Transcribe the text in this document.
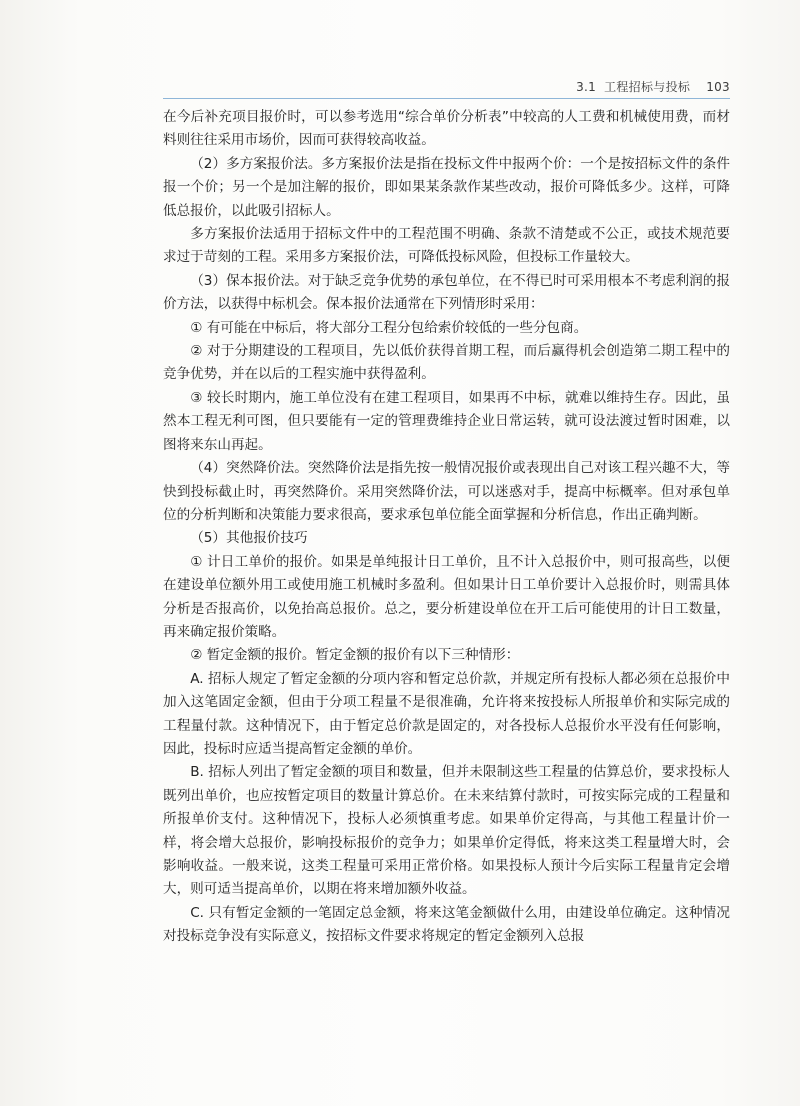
3.1 工程招标与投标 103

在今后补充项目报价时，可以参考选用“综合单价分析表”中较高的人工费和机械使用费，而材料则往往采用市场价，因而可获得较高收益。

（2）多方案报价法。多方案报价法是指在投标文件中报两个价：一个是按招标文件的条件报一个价；另一个是加注解的报价，即如果某条款作某些改动，报价可降低多少。这样，可降低总报价，以此吸引招标人。

多方案报价法适用于招标文件中的工程范围不明确、条款不清楚或不公正，或技术规范要求过于苛刻的工程。采用多方案报价法，可降低投标风险，但投标工作量较大。

（3）保本报价法。对于缺乏竞争优势的承包单位，在不得已时可采用根本不考虑利润的报价方法，以获得中标机会。保本报价法通常在下列情形时采用：

① 有可能在中标后，将大部分工程分包给索价较低的一些分包商。

② 对于分期建设的工程项目，先以低价获得首期工程，而后赢得机会创造第二期工程中的竞争优势，并在以后的工程实施中获得盈利。

③ 较长时期内，施工单位没有在建工程项目，如果再不中标，就难以维持生存。因此，虽然本工程无利可图，但只要能有一定的管理费维持企业日常运转，就可设法渡过暂时困难，以图将来东山再起。

（4）突然降价法。突然降价法是指先按一般情况报价或表现出自己对该工程兴趣不大，等快到投标截止时，再突然降价。采用突然降价法，可以迷惑对手，提高中标概率。但对承包单位的分析判断和决策能力要求很高，要求承包单位能全面掌握和分析信息，作出正确判断。

（5）其他报价技巧

① 计日工单价的报价。如果是单纯报计日工单价，且不计入总报价中，则可报高些，以便在建设单位额外用工或使用施工机械时多盈利。但如果计日工单价要计入总报价时，则需具体分析是否报高价，以免抬高总报价。总之，要分析建设单位在开工后可能使用的计日工数量，再来确定报价策略。

② 暂定金额的报价。暂定金额的报价有以下三种情形：

A. 招标人规定了暂定金额的分项内容和暂定总价款，并规定所有投标人都必须在总报价中加入这笔固定金额，但由于分项工程量不是很准确，允许将来按投标人所报单价和实际完成的工程量付款。这种情况下，由于暂定总价款是固定的，对各投标人总报价水平没有任何影响，因此，投标时应适当提高暂定金额的单价。

B. 招标人列出了暂定金额的项目和数量，但并未限制这些工程量的估算总价，要求投标人既列出单价，也应按暂定项目的数量计算总价。在未来结算付款时，可按实际完成的工程量和所报单价支付。这种情况下，投标人必须慎重考虑。如果单价定得高，与其他工程量计价一样，将会增大总报价，影响投标报价的竞争力；如果单价定得低，将来这类工程量增大时，会影响收益。一般来说，这类工程量可采用正常价格。如果投标人预计今后实际工程量肯定会增大，则可适当提高单价，以期在将来增加额外收益。

C. 只有暂定金额的一笔固定总金额，将来这笔金额做什么用，由建设单位确定。这种情况对投标竞争没有实际意义，按招标文件要求将规定的暂定金额列入总报
